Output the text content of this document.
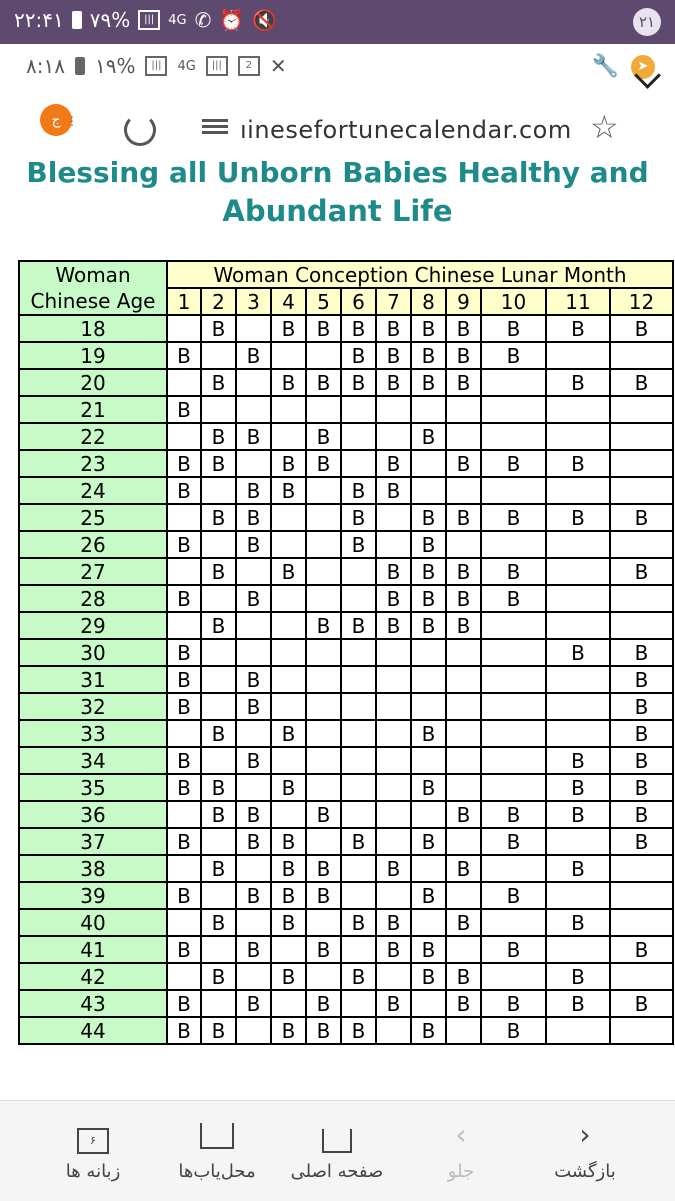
۲۲:۴۱ ۷۹%	|||	4G ✆ ⏰ 🔇	۲۱
۸:۱۸ ۱۹%	|||	4G	|||	2 ✕	🔧	➤
ج ⋮	ıinesefortunecalendar.com ☆
Blessing all Unborn Babies Healthy and
Abundant Life
Woman
Chinese Age	Woman Conception Chinese Lunar Month											
	1	2	3	4	5	6	7	8	9	10	11	12
18		B		B	B	B	B	B	B	B	B	B
19	B		B			B	B	B	B	B		
20		B		B	B	B	B	B	B		B	B
21	B											
22		B	B		B			B				
23	B	B		B	B		B		B	B	B	
24	B		B	B		B	B					
25		B	B			B		B	B	B	B	B
26	B		B			B		B				
27		B		B			B	B	B	B		B
28	B		B				B	B	B	B		
29		B			B	B	B	B	B			
30	B										B	B
31	B		B									B
32	B		B									B
33		B		B				B				B
34	B		B								B	B
35	B	B		B				B			B	B
36		B	B		B				B	B	B	B
37	B		B	B		B		B		B		B
38		B		B	B		B		B		B	
39	B		B	B	B			B		B		
40		B		B		B	B		B		B	
41	B		B		B		B	B		B		B
42		B		B		B		B	B		B	
43	B		B		B		B		B	B	B	B
44	B	B		B	B	B		B		B		
۶
زبانه ها	محل‌یاب‌ها	صفحه اصلی
‹
جلو
›
بازگشت
